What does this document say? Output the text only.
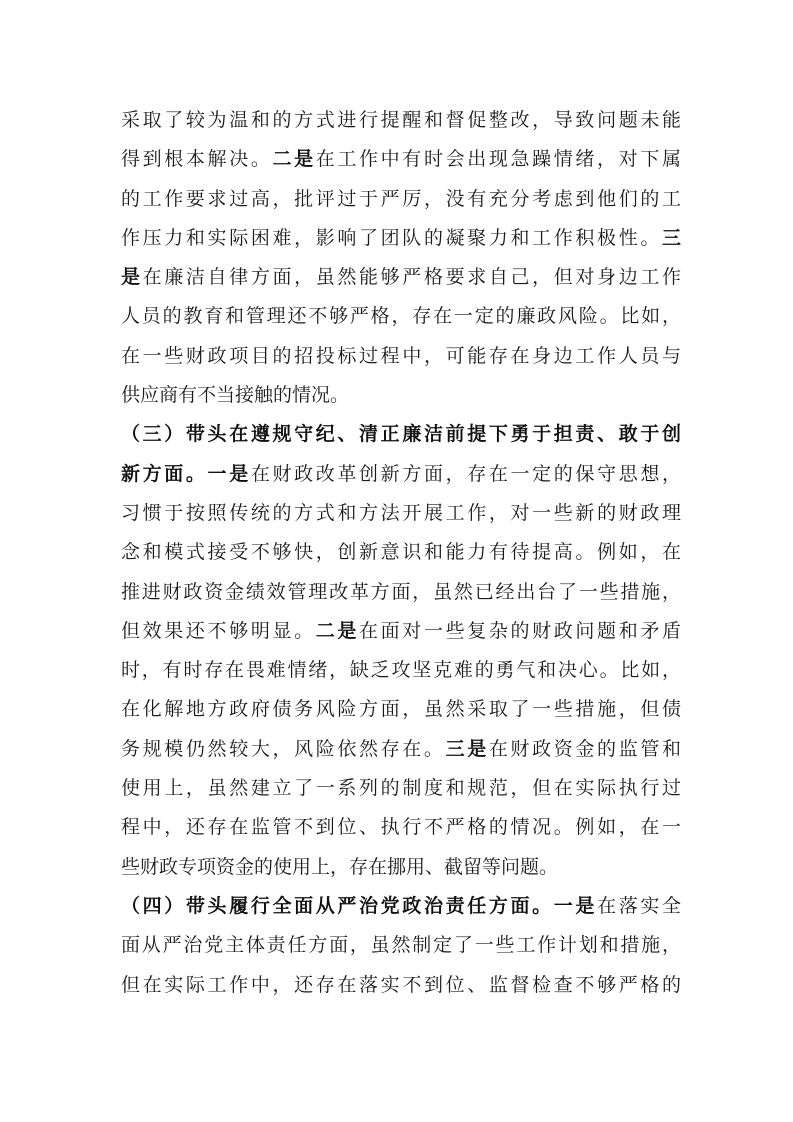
采取了较为温和的方式进行提醒和督促整改，导致问题未能
得到根本解决。二是在工作中有时会出现急躁情绪，对下属
的工作要求过高，批评过于严厉，没有充分考虑到他们的工
作压力和实际困难，影响了团队的凝聚力和工作积极性。三
是在廉洁自律方面，虽然能够严格要求自己，但对身边工作
人员的教育和管理还不够严格，存在一定的廉政风险。比如，
在一些财政项目的招投标过程中，可能存在身边工作人员与
供应商有不当接触的情况。
（三）带头在遵规守纪、清正廉洁前提下勇于担责、敢于创
新方面。一是在财政改革创新方面，存在一定的保守思想，
习惯于按照传统的方式和方法开展工作，对一些新的财政理
念和模式接受不够快，创新意识和能力有待提高。例如，在
推进财政资金绩效管理改革方面，虽然已经出台了一些措施，
但效果还不够明显。二是在面对一些复杂的财政问题和矛盾
时，有时存在畏难情绪，缺乏攻坚克难的勇气和决心。比如，
在化解地方政府债务风险方面，虽然采取了一些措施，但债
务规模仍然较大，风险依然存在。三是在财政资金的监管和
使用上，虽然建立了一系列的制度和规范，但在实际执行过
程中，还存在监管不到位、执行不严格的情况。例如，在一
些财政专项资金的使用上，存在挪用、截留等问题。
（四）带头履行全面从严治党政治责任方面。一是在落实全
面从严治党主体责任方面，虽然制定了一些工作计划和措施，
但在实际工作中，还存在落实不到位、监督检查不够严格的
